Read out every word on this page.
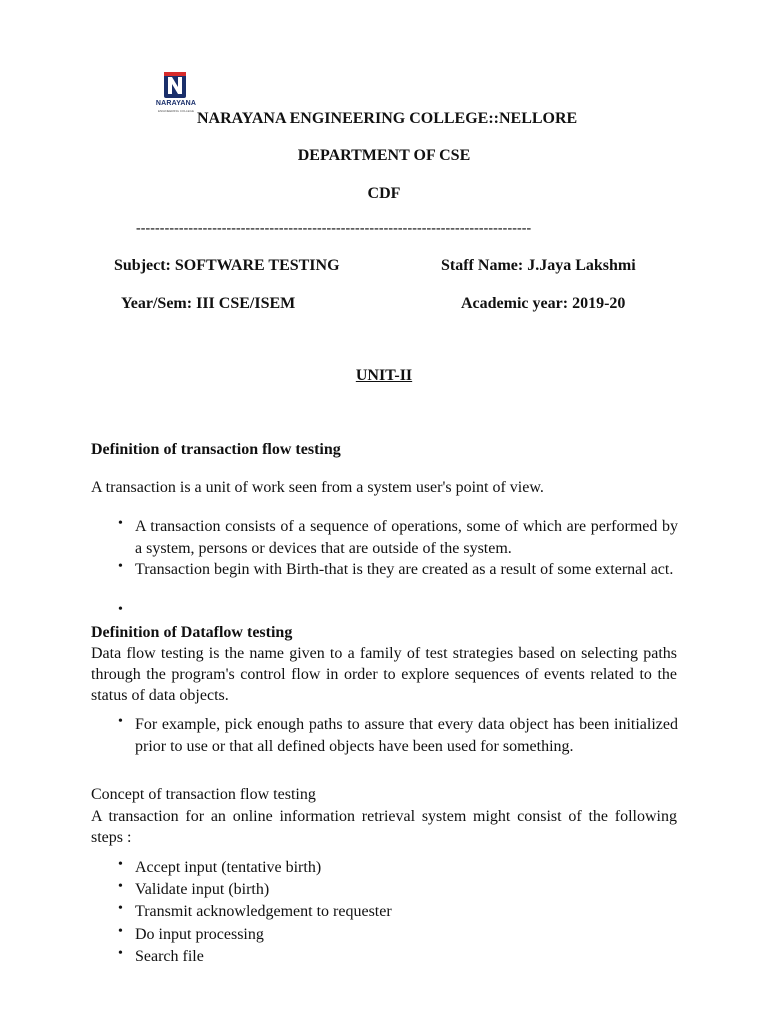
NARAYANA
ENGINEERING COLLEGE NARAYANA ENGINEERING COLLEGE::NELLORE
DEPARTMENT OF CSE
CDF
-----------------------------------------------------------------------------------
Subject: SOFTWARE TESTING	Staff Name: J.Jaya Lakshmi
Year/Sem: III CSE/ISEM	Academic year: 2019-20
UNIT-II
Definition of transaction flow testing
A transaction is a unit of work seen from a system user's point of view.
• A transaction consists of a sequence of operations, some of which are performed by a system, persons or devices that are outside of the system.
• Transaction begin with Birth-that is they are created as a result of some external act.
•
Definition of Dataflow testing
Data flow testing is the name given to a family of test strategies based on selecting paths through the program's control flow in order to explore sequences of events related to the status of data objects.
• For example, pick enough paths to assure that every data object has been initialized prior to use or that all defined objects have been used for something.
Concept of transaction flow testing
A transaction for an online information retrieval system might consist of the following steps :
• Accept input (tentative birth)
• Validate input (birth)
• Transmit acknowledgement to requester
• Do input processing
• Search file
